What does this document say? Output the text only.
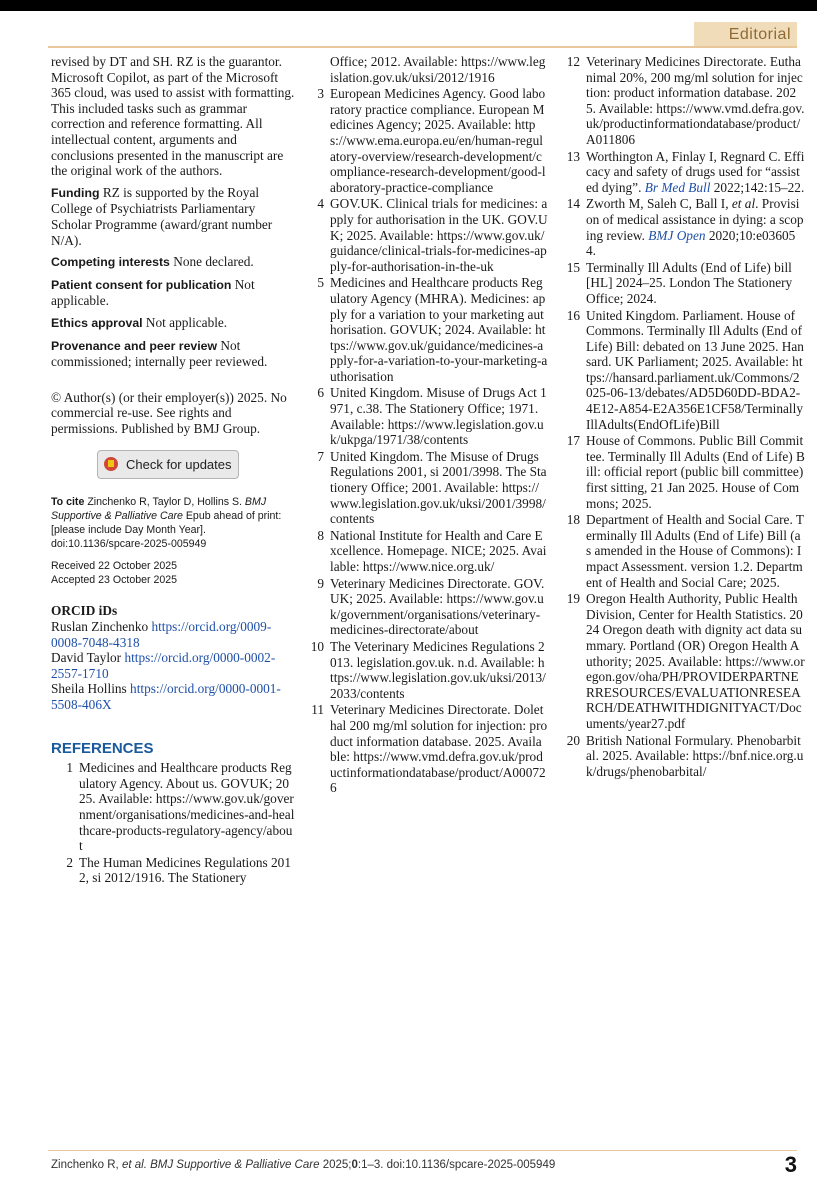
Editorial

revised by DT and SH. RZ is the guarantor. Microsoft Copilot, as part of the Microsoft 365 cloud, was used to assist with formatting. This included tasks such as grammar correction and reference formatting. All intellectual content, arguments and conclusions presented in the manuscript are the original work of the authors.

Funding RZ is supported by the Royal College of Psychiatrists Parliamentary Scholar Programme (award/grant number N/A).

Competing interests None declared.

Patient consent for publication Not applicable.

Ethics approval Not applicable.

Provenance and peer review Not commissioned; internally peer reviewed.

© Author(s) (or their employer(s)) 2025. No commercial re-use. See rights and permissions. Published by BMJ Group.

Check for updates

To cite Zinchenko R, Taylor D, Hollins S. BMJ Supportive & Palliative Care Epub ahead of print: [please include Day Month Year]. doi:10.1136/spcare-2025-005949

Received 22 October 2025

Accepted 23 October 2025

ORCID iDs

Ruslan Zinchenko https://orcid.org/0009-0008-7048-4318

David Taylor https://orcid.org/0000-0002-2557-1710

Sheila Hollins https://orcid.org/0000-0001-5508-406X

REFERENCES

1 Medicines and Healthcare products Regulatory Agency. About us. GOVUK; 2025. Available: https://www.gov.uk/government/organisations/medicines-and-healthcare-products-regulatory-agency/about
2 The Human Medicines Regulations 2012, si 2012/1916. The Stationery
Office; 2012. Available: https://www.legislation.gov.uk/uksi/2012/1916
3 European Medicines Agency. Good laboratory practice compliance. European Medicines Agency; 2025. Available: https://www.ema.europa.eu/en/human-regulatory-overview/research-development/compliance-research-development/good-laboratory-practice-compliance
4 GOV.UK. Clinical trials for medicines: apply for authorisation in the UK. GOV.UK; 2025. Available: https://www.gov.uk/guidance/clinical-trials-for-medicines-apply-for-authorisation-in-the-uk
5 Medicines and Healthcare products Regulatory Agency (MHRA). Medicines: apply for a variation to your marketing authorisation. GOVUK; 2024. Available: https://www.gov.uk/guidance/medicines-apply-for-a-variation-to-your-marketing-authorisation
6 United Kingdom. Misuse of Drugs Act 1971, c.38. The Stationery Office; 1971. Available: https://www.legislation.gov.uk/ukpga/1971/38/contents
7 United Kingdom. The Misuse of Drugs Regulations 2001, si 2001/3998. The Stationery Office; 2001. Available: https://www.legislation.gov.uk/uksi/2001/3998/contents
8 National Institute for Health and Care Excellence. Homepage. NICE; 2025. Available: https://www.nice.org.uk/
9 Veterinary Medicines Directorate. GOV.UK; 2025. Available: https://www.gov.uk/government/organisations/veterinary-medicines-directorate/about
10 The Veterinary Medicines Regulations 2013. legislation.gov.uk. n.d. Available: https://www.legislation.gov.uk/uksi/2013/2033/contents
11 Veterinary Medicines Directorate. Dolethal 200 mg/ml solution for injection: product information database. 2025. Available: https://www.vmd.defra.gov.uk/productinformationdatabase/product/A000726
12 Veterinary Medicines Directorate. Euthanimal 20%, 200 mg/ml solution for injection: product information database. 2025. Available: https://www.vmd.defra.gov.uk/productinformationdatabase/product/A011806
13 Worthington A, Finlay I, Regnard C. Efficacy and safety of drugs used for “assisted dying”. Br Med Bull 2022;142:15–22.
14 Zworth M, Saleh C, Ball I, et al. Provision of medical assistance in dying: a scoping review. BMJ Open 2020;10:e036054.
15 Terminally Ill Adults (End of Life) bill [HL] 2024–25. London The Stationery Office; 2024.
16 United Kingdom. Parliament. House of Commons. Terminally Ill Adults (End of Life) Bill: debated on 13 June 2025. Hansard. UK Parliament; 2025. Available: https://hansard.parliament.uk/Commons/2025-06-13/debates/AD5D60DD-BDA2-4E12-A854-E2A356E1CF58/TerminallyIllAdults(EndOfLife)Bill
17 House of Commons. Public Bill Committee. Terminally Ill Adults (End of Life) Bill: official report (public bill committee) first sitting, 21 Jan 2025. House of Commons; 2025.
18 Department of Health and Social Care. Terminally Ill Adults (End of Life) Bill (as amended in the House of Commons): Impact Assessment. version 1.2. Department of Health and Social Care; 2025.
19 Oregon Health Authority, Public Health Division, Center for Health Statistics. 2024 Oregon death with dignity act data summary. Portland (OR) Oregon Health Authority; 2025. Available: https://www.oregon.gov/oha/PH/PROVIDERPARTNERRESOURCES/EVALUATIONRESEARCH/DEATHWITHDIGNITYACT/Documents/year27.pdf
20 British National Formulary. Phenobarbital. 2025. Available: https://bnf.nice.org.uk/drugs/phenobarbital/
Zinchenko R, et al. BMJ Supportive & Palliative Care 2025;0:1–3. doi:10.1136/spcare-2025-005949	3
